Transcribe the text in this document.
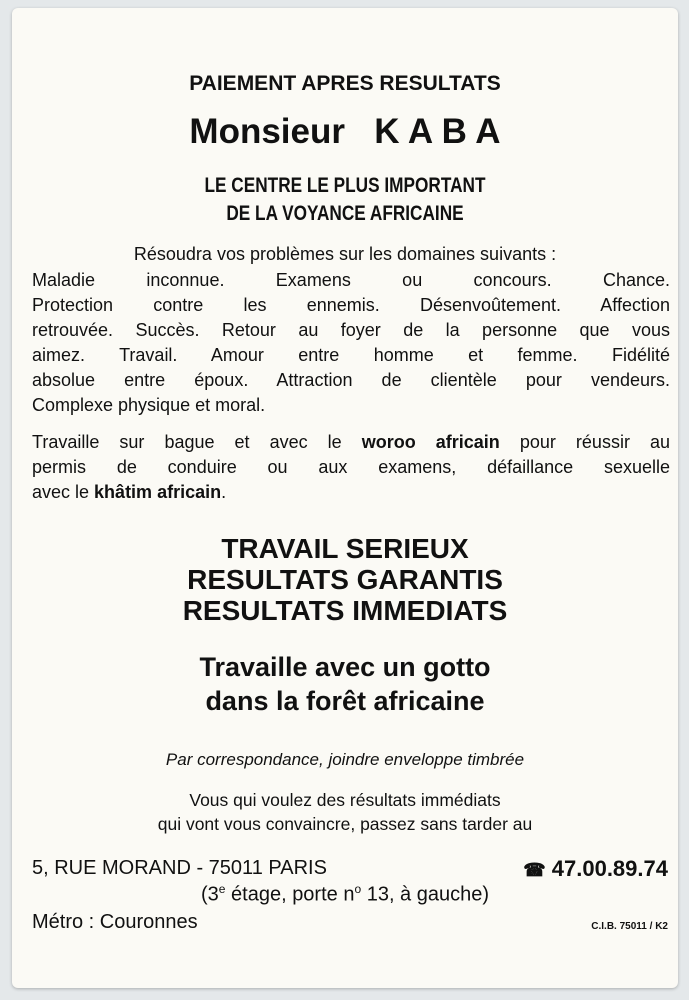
PAIEMENT APRES RESULTATS
Monsieur K A B A
LE CENTRE LE PLUS IMPORTANT
DE LA VOYANCE AFRICAINE
Résoudra vos problèmes sur les domaines suivants :
Maladie inconnue. Examens ou concours. Chance.
Protection contre les ennemis. Désenvoûtement. Affection
retrouvée. Succès. Retour au foyer de la personne que vous
aimez. Travail. Amour entre homme et femme. Fidélité
absolue entre époux. Attraction de clientèle pour vendeurs.
Complexe physique et moral.
Travaille sur bague et avec le woroo africain pour réussir au
permis de conduire ou aux examens, défaillance sexuelle
avec le khâtim africain.
TRAVAIL SERIEUX
RESULTATS GARANTIS
RESULTATS IMMEDIATS
Travaille avec un gotto
dans la forêt africaine
Par correspondance, joindre enveloppe timbrée
Vous qui voulez des résultats immédiats
qui vont vous convaincre, passez sans tarder au
5, RUE MORAND - 75011 PARIS	☎ 47.00.89.74
(3e étage, porte $n^o$ 13, à gauche)
Métro : Couronnes	C.I.B. 75011 / K2
